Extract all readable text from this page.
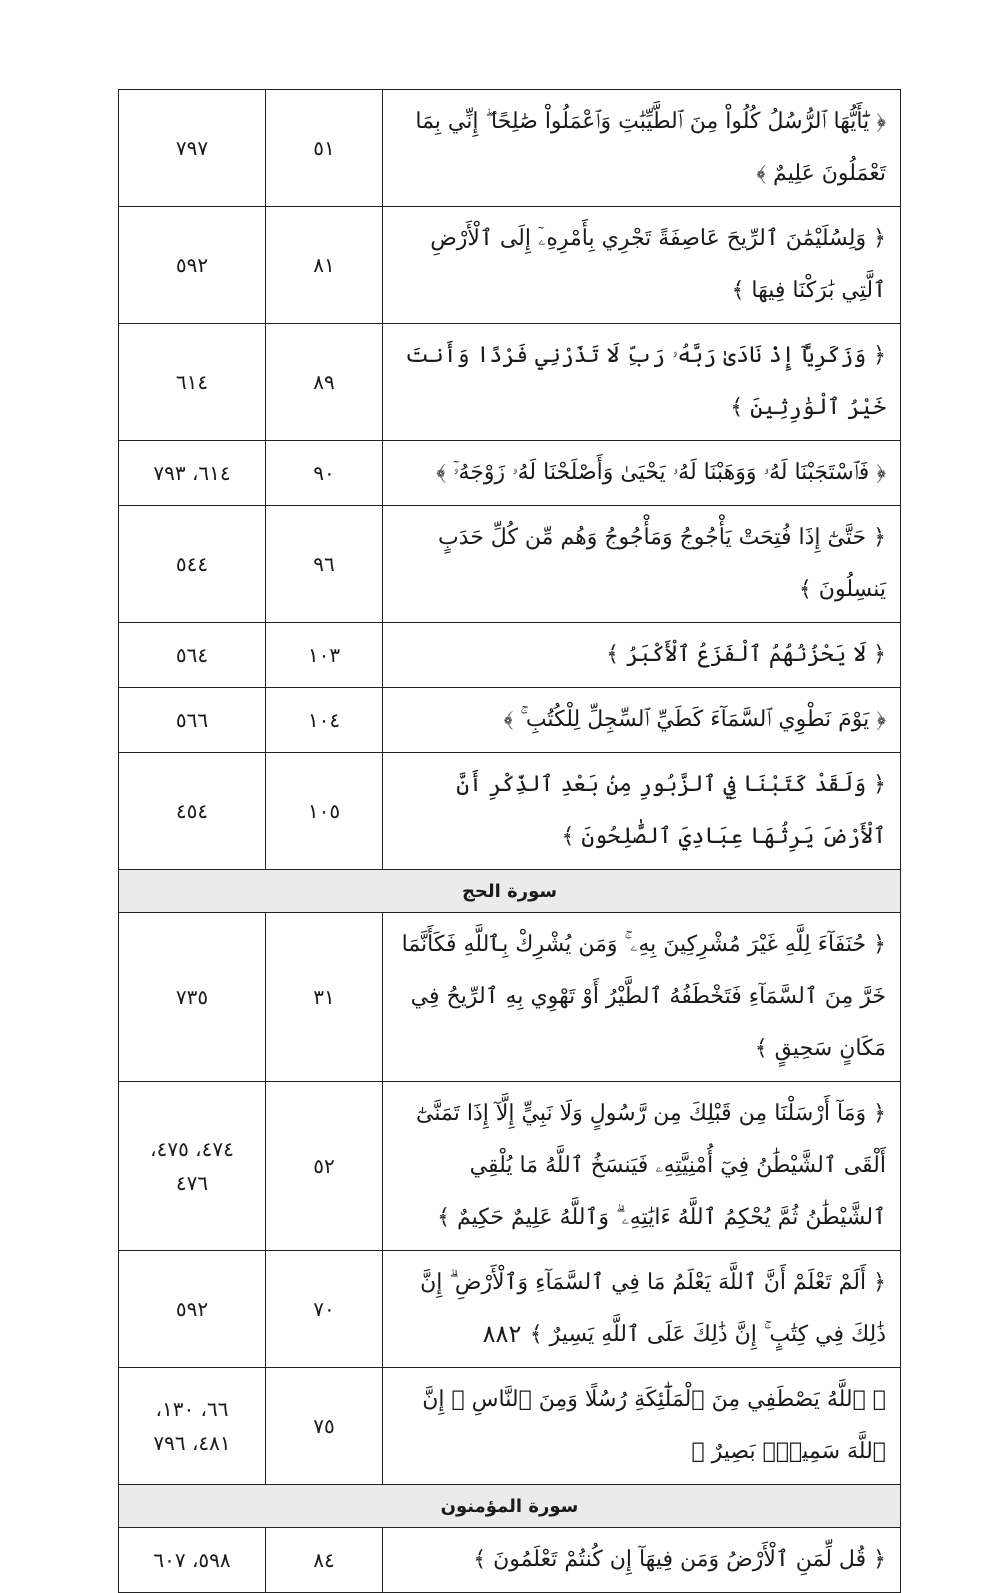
﴿ يَٰٓأَيُّهَا ٱلرُّسُلُ كُلُواْ مِنَ ٱلطَّيِّبَٰتِ وَٱعْمَلُواْ صَٰلِحًا ۖ إِنِّي بِمَا تَعْمَلُونَ عَلِيمٌ ﴾	٥١	٧٩٧
﴿ وَلِسُلَيْمَٰنَ ٱلرِّيحَ عَاصِفَةً تَجْرِي بِأَمْرِهِۦٓ إِلَى ٱلْأَرْضِ ٱلَّتِي بَٰرَكْنَا فِيهَا ﴾	٨١	٥٩٢
﴿ وَزَكَرِيَّآ إِذْ نَادَىٰ رَبَّهُۥ رَبِّ لَا تَذَرْنِي فَرْدًا وَأَنتَ خَيْرُ ٱلْوَٰرِثِينَ ﴾	٨٩	٦١٤
﴿ فَٱسْتَجَبْنَا لَهُۥ وَوَهَبْنَا لَهُۥ يَحْيَىٰ وَأَصْلَحْنَا لَهُۥ زَوْجَهُۥٓ ﴾	٩٠	٦١٤، ٧٩٣
﴿ حَتَّىٰٓ إِذَا فُتِحَتْ يَأْجُوجُ وَمَأْجُوجُ وَهُم مِّن كُلِّ حَدَبٍ يَنسِلُونَ ﴾	٩٦	٥٤٤
﴿ لَا يَحْزُنُهُمُ ٱلْفَزَعُ ٱلْأَكْبَرُ ﴾	١٠٣	٥٦٤
﴿ يَوْمَ نَطْوِي ٱلسَّمَآءَ كَطَيِّ ٱلسِّجِلِّ لِلْكُتُبِ ۚ ﴾	١٠٤	٥٦٦
﴿ وَلَقَدْ كَتَبْنَا فِي ٱلزَّبُورِ مِنۢ بَعْدِ ٱلذِّكْرِ أَنَّ ٱلْأَرْضَ يَرِثُهَا عِبَادِيَ ٱلصَّٰلِحُونَ ﴾	١٠٥	٤٥٤
سورة الحج		
﴿ حُنَفَآءَ لِلَّهِ غَيْرَ مُشْرِكِينَ بِهِۦ ۚ وَمَن يُشْرِكْ بِٱللَّهِ فَكَأَنَّمَا خَرَّ مِنَ ٱلسَّمَآءِ فَتَخْطَفُهُ ٱلطَّيْرُ أَوْ تَهْوِي بِهِ ٱلرِّيحُ فِي مَكَانٍ سَحِيقٍ ﴾	٣١	٧٣٥
﴿ وَمَآ أَرْسَلْنَا مِن قَبْلِكَ مِن رَّسُولٍ وَلَا نَبِيٍّ إِلَّآ إِذَا تَمَنَّىٰٓ أَلْقَى ٱلشَّيْطَٰنُ فِيٓ أُمْنِيَّتِهِۦ فَيَنسَخُ ٱللَّهُ مَا يُلْقِي ٱلشَّيْطَٰنُ ثُمَّ يُحْكِمُ ٱللَّهُ ءَايَٰتِهِۦ ۗ وَٱللَّهُ عَلِيمٌ حَكِيمٌ ﴾	٥٢	٤٧٤، ٤٧٥، ٤٧٦
﴿ أَلَمْ تَعْلَمْ أَنَّ ٱللَّهَ يَعْلَمُ مَا فِي ٱلسَّمَآءِ وَٱلْأَرْضِ ۗ إِنَّ ذَٰلِكَ فِي كِتَٰبٍ ۚ إِنَّ ذَٰلِكَ عَلَى ٱللَّهِ يَسِيرٌ ﴾	٧٠	٥٩٢
﴿ ٱللَّهُ يَصْطَفِي مِنَ ٱلْمَلَٰٓئِكَةِ رُسُلًا وَمِنَ ٱلنَّاسِ ۚ إِنَّ ٱللَّهَ سَمِيعٌۢ بَصِيرٌ ﴾	٧٥	٦٦، ١٣٠، ٤٨١، ٧٩٦
سورة المؤمنون		
﴿ قُل لِّمَنِ ٱلْأَرْضُ وَمَن فِيهَآ إِن كُنتُمْ تَعْلَمُونَ ﴾	٨٤	٥٩٨، ٦٠٧
٨٨٢
